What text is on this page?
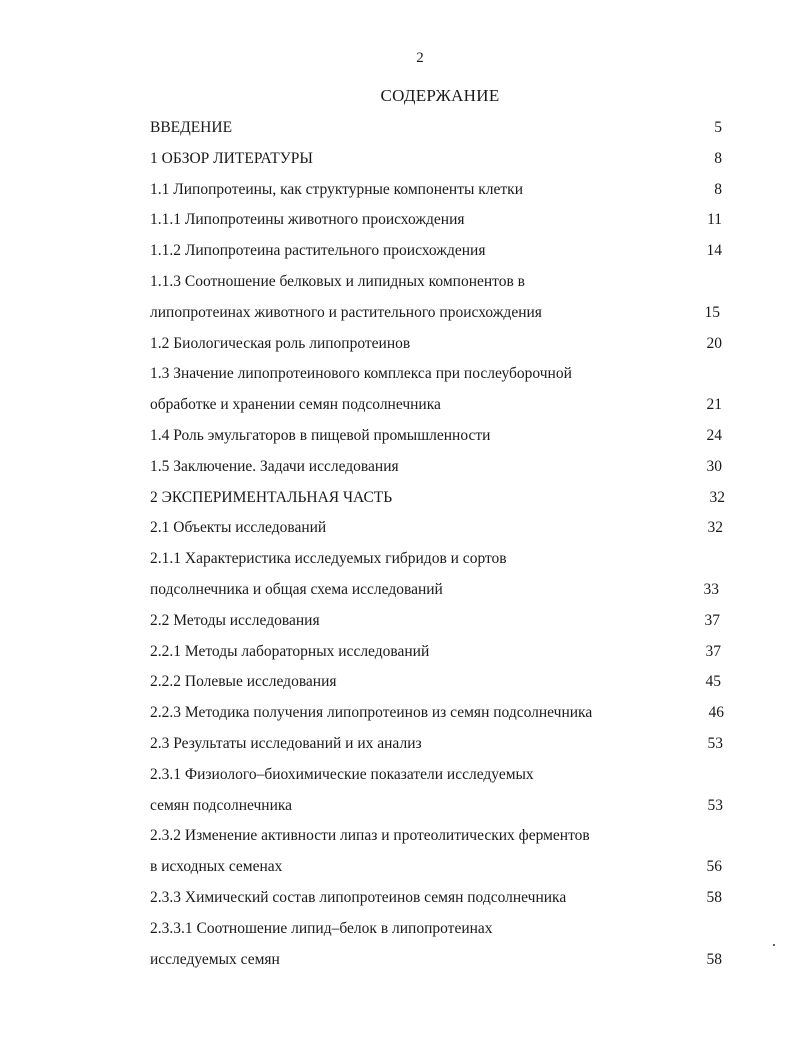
2
СОДЕРЖАНИЕ
ВВЕДЕНИЕ	5
1 ОБЗОР ЛИТЕРАТУРЫ	8
1.1 Липопротеины, как структурные компоненты клетки	8
1.1.1 Липопротеины животного происхождения	11
1.1.2 Липопротеина растительного происхождения	14
1.1.3 Соотношение белковых и липидных компонентов в
липопротеинах животного и растительного происхождения	15
1.2 Биологическая роль липопротеинов	20
1.3 Значение липопротеинового комплекса при послеуборочной
обработке и хранении семян подсолнечника	21
1.4 Роль эмульгаторов в пищевой промышленности	24
1.5 Заключение. Задачи исследования	30
2 ЭКСПЕРИМЕНТАЛЬНАЯ ЧАСТЬ	32
2.1 Объекты исследований	32
2.1.1 Характеристика исследуемых гибридов и сортов
подсолнечника и общая схема исследований	33
2.2 Методы исследования	37
2.2.1 Методы лабораторных исследований	37
2.2.2 Полевые исследования	45
2.2.3 Методика получения липопротеинов из семян подсолнечника	46
2.3 Результаты исследований и их анализ	53
2.3.1 Физиолого–биохимические показатели исследуемых
семян подсолнечника	53
2.3.2 Изменение активности липаз и протеолитических ферментов
в исходных семенах	56
2.3.3 Химический состав липопротеинов семян подсолнечника	58
2.3.3.1 Соотношение липид–белок в липопротеинах
исследуемых семян	58
